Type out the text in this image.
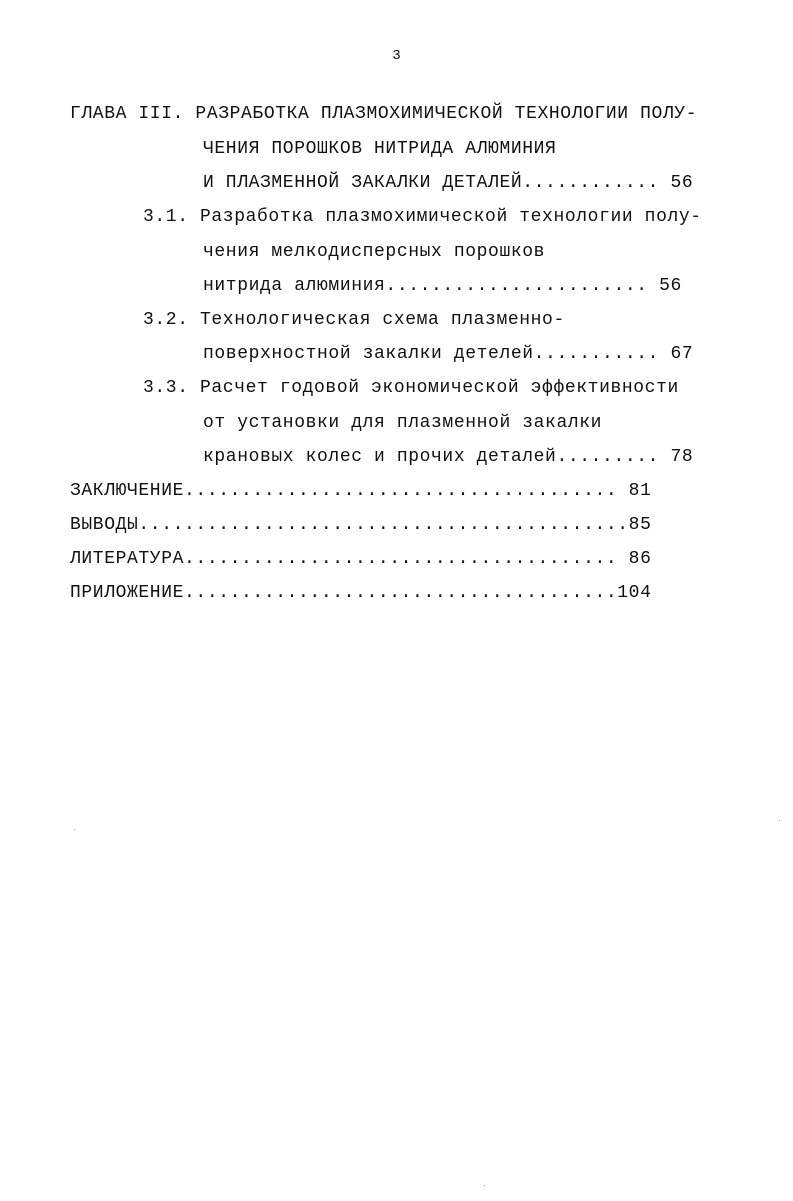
3
ГЛАВА III. РАЗРАБОТКА ПЛАЗМОХИМИЧЕСКОЙ ТЕХНОЛОГИИ ПОЛУ-
ЧЕНИЯ ПОРОШКОВ НИТРИДА АЛЮМИНИЯ
И ПЛАЗМЕННОЙ ЗАКАЛКИ ДЕТАЛЕЙ............ 56
3.1. Разработка плазмохимической технологии полу-
чения мелкодисперсных порошков
нитрида алюминия....................... 56
3.2. Технологическая схема плазменно-
поверхностной закалки детелей........... 67
3.3. Расчет годовой экономической эффективности
от установки для плазменной закалки
крановых колес и прочих деталей......... 78
ЗАКЛЮЧЕНИЕ...................................... 81
ВЫВОДЫ...........................................85
ЛИТЕРАТУРА...................................... 86
ПРИЛОЖЕНИЕ......................................104
